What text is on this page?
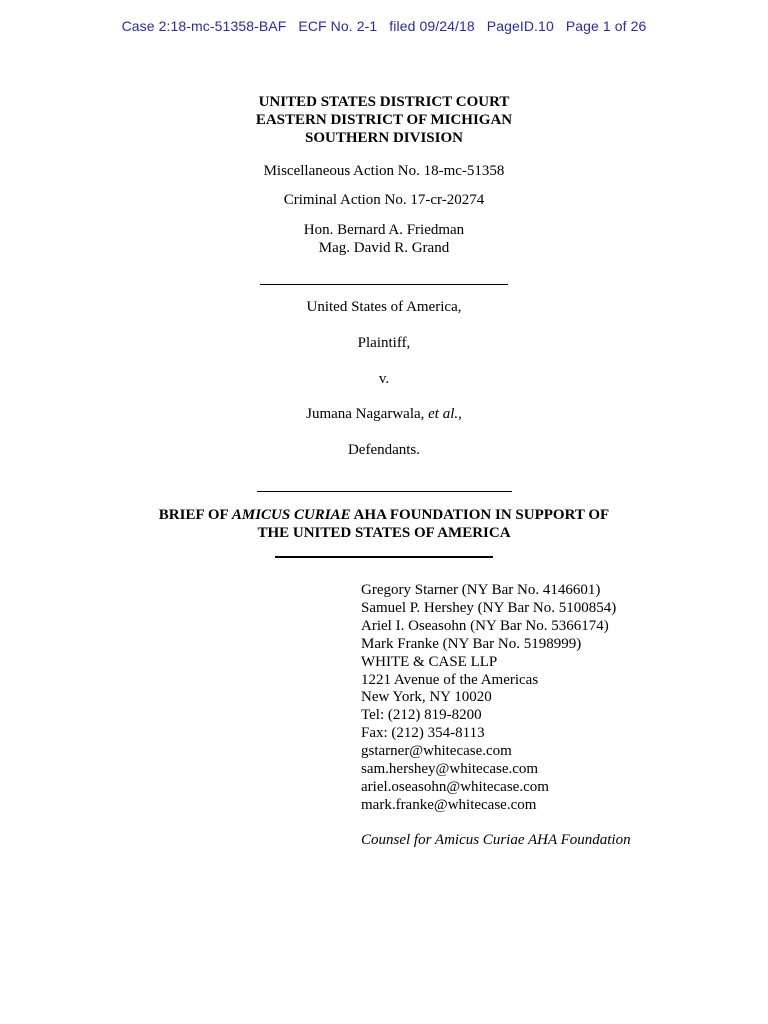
Case 2:18-mc-51358-BAF ECF No. 2-1 filed 09/24/18 PageID.10 Page 1 of 26
UNITED STATES DISTRICT COURT
EASTERN DISTRICT OF MICHIGAN
SOUTHERN DIVISION
Miscellaneous Action No. 18-mc-51358
Criminal Action No. 17-cr-20274
Hon. Bernard A. Friedman
Mag. David R. Grand
United States of America,
Plaintiff,
v.
Jumana Nagarwala, et al.,
Defendants.
BRIEF OF AMICUS CURIAE AHA FOUNDATION IN SUPPORT OF
THE UNITED STATES OF AMERICA
Gregory Starner (NY Bar No. 4146601)
Samuel P. Hershey (NY Bar No. 5100854)
Ariel I. Oseasohn (NY Bar No. 5366174)
Mark Franke (NY Bar No. 5198999)
WHITE & CASE LLP
1221 Avenue of the Americas
New York, NY 10020
Tel: (212) 819-8200
Fax: (212) 354-8113
gstarner@whitecase.com
sam.hershey@whitecase.com
ariel.oseasohn@whitecase.com
mark.franke@whitecase.com
Counsel for Amicus Curiae AHA Foundation
